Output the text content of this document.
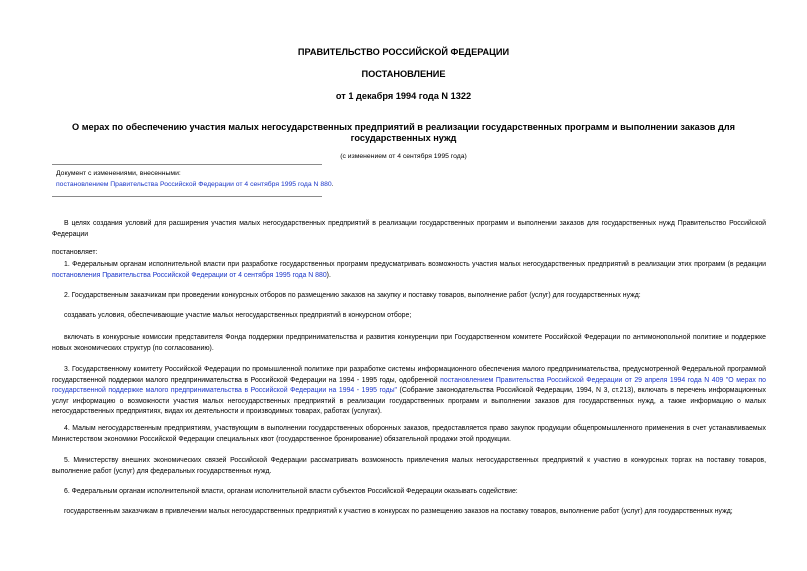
ПРАВИТЕЛЬСТВО РОССИЙСКОЙ ФЕДЕРАЦИИ
ПОСТАНОВЛЕНИЕ
от 1 декабря 1994 года N 1322
О мерах по обеспечению участия малых негосударственных предприятий в реализации государственных программ и выполнении заказов для государственных нужд
(с изменением от 4 сентября 1995 года)
Документ с изменениями, внесенными:
постановлением Правительства Российской Федерации от 4 сентября 1995 года N 880.
В целях создания условий для расширения участия малых негосударственных предприятий в реализации государственных программ и выполнении заказов для государственных нужд Правительство Российской Федерации
постановляет:
1. Федеральным органам исполнительной власти при разработке государственных программ предусматривать возможность участия малых негосударственных предприятий в реализации этих программ (в редакции постановления Правительства Российской Федерации от 4 сентября 1995 года N 880).
2. Государственным заказчикам при проведении конкурсных отборов по размещению заказов на закупку и поставку товаров, выполнение работ (услуг) для государственных нужд:
создавать условия, обеспечивающие участие малых негосударственных предприятий в конкурсном отборе;
включать в конкурсные комиссии представителя Фонда поддержки предпринимательства и развития конкуренции при Государственном комитете Российской Федерации по антимонопольной политике и поддержке новых экономических структур (по согласованию).
3. Государственному комитету Российской Федерации по промышленной политике при разработке системы информационного обеспечения малого предпринимательства, предусмотренной Федеральной программой государственной поддержки малого предпринимательства в Российской Федерации на 1994 - 1995 годы, одобренной постановлением Правительства Российской Федерации от 29 апреля 1994 года N 409 "О мерах по государственной поддержке малого предпринимательства в Российской Федерации на 1994 - 1995 годы" (Собрание законодательства Российской Федерации, 1994, N 3, ст.213), включать в перечень информационных услуг информацию о возможности участия малых негосударственных предприятий в реализации государственных программ и выполнении заказов для государственных нужд, а также информацию о малых негосударственных предприятиях, видах их деятельности и производимых товарах, работах (услугах).
4. Малым негосударственным предприятиям, участвующим в выполнении государственных оборонных заказов, предоставляется право закупок продукции общепромышленного применения в счет устанавливаемых Министерством экономики Российской Федерации специальных квот (государственное бронирование) обязательной продажи этой продукции.
5. Министерству внешних экономических связей Российской Федерации рассматривать возможность привлечения малых негосударственных предприятий к участию в конкурсных торгах на поставку товаров, выполнение работ (услуг) для федеральных государственных нужд.
6. Федеральным органам исполнительной власти, органам исполнительной власти субъектов Российской Федерации оказывать содействие:
государственным заказчикам в привлечении малых негосударственных предприятий к участию в конкурсах по размещению заказов на поставку товаров, выполнение работ (услуг) для государственных нужд;
